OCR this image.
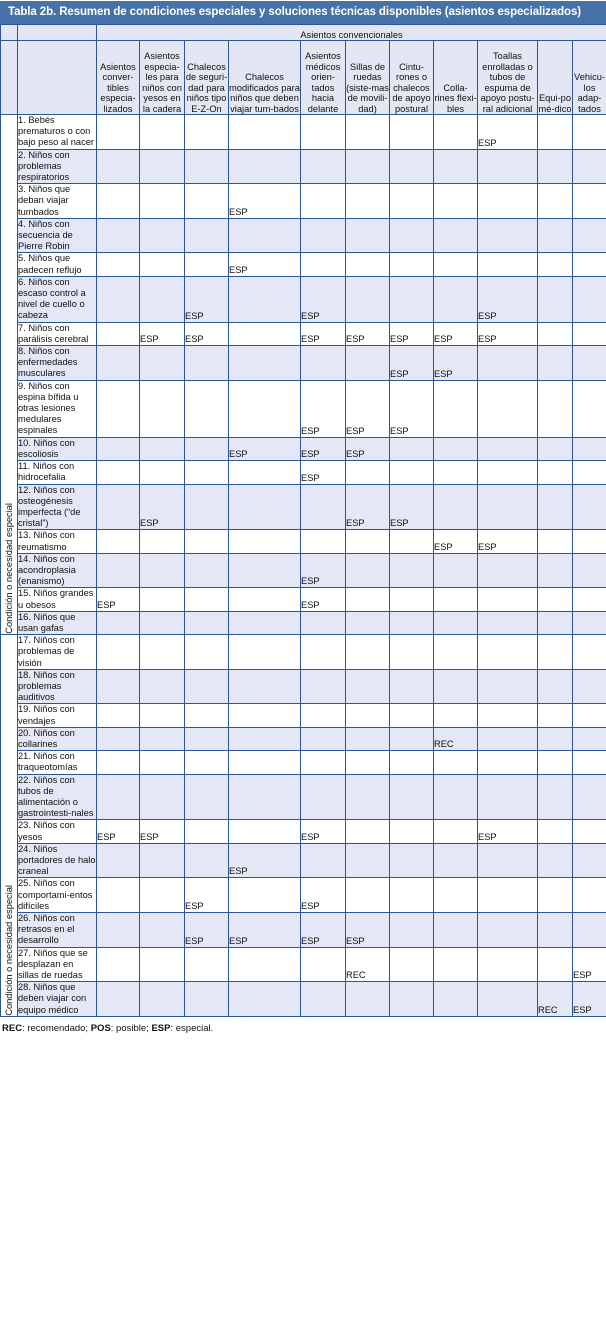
Tabla 2b. Resumen de condiciones especiales y soluciones técnicas disponibles (asientos especializados)
		Asientos convencionales										
		Asientos conver-tibles especia-lizados	Asientos especia-les para niños con yesos en la cadera	Chalecos de seguri-dad para niños tipo E-Z-On	Chalecos modificados para niños que deben viajar tum-bados	Asientos médicos orien-tados hacia delante	Sillas de ruedas (siste-mas de movili-dad)	Cintu-rones o chalecos de apoyo postural	Colla-rines flexi-bles	Toallas enrolladas o tubos de espuma de apoyo postu-ral adicional	Equi-po mé-dico	Vehicu-los adap-tados

Condición o necesidad especial	1. Bebés prematuros o con bajo peso al nacer									ESP		
	2. Niños con problemas respiratorios											
	3. Niños que deban viajar tumbados				ESP							
	4. Niños con secuencia de Pierre Robin											
	5. Niños que padecen reflujo				ESP							
	6. Niños con escaso control a nivel de cuello o cabeza			ESP		ESP				ESP		
	7. Niños con parálisis cerebral		ESP	ESP		ESP	ESP	ESP	ESP	ESP		
	8. Niños con enfermedades musculares							ESP	ESP			
	9. Niños con espina bífida u otras lesiones medulares espinales					ESP	ESP	ESP				
	10. Niños con escoliosis				ESP	ESP	ESP					
	11. Niños con hidrocefalia					ESP						
	12. Niños con osteogénesis imperfecta (“de cristal”)		ESP				ESP	ESP				
	13. Niños con reumatismo								ESP	ESP		
	14. Niños con acondroplasia (enanismo)					ESP						
	15. Niños grandes u obesos	ESP				ESP						
	16. Niños que usan gafas											

Condición o necesidad especial	17. Niños con problemas de visión											
	18. Niños con problemas auditivos											
	19. Niños con vendajes											
	20. Niños con collarines								REC			
	21. Niños con traqueotomías											
	22. Niños con tubos de alimentación o gastrointesti-nales											
	23. Niños con yesos	ESP	ESP			ESP				ESP		
	24. Niños portadores de halo craneal				ESP							
	25. Niños con comportami-entos difíciles			ESP		ESP						
	26. Niños con retrasos en el desarrollo			ESP	ESP	ESP	ESP					
	27. Niños que se desplazan en sillas de ruedas						REC					ESP
	28. Niños que deben viajar con equipo médico										REC	ESP
REC: recomendado; POS: posible; ESP: especial.
